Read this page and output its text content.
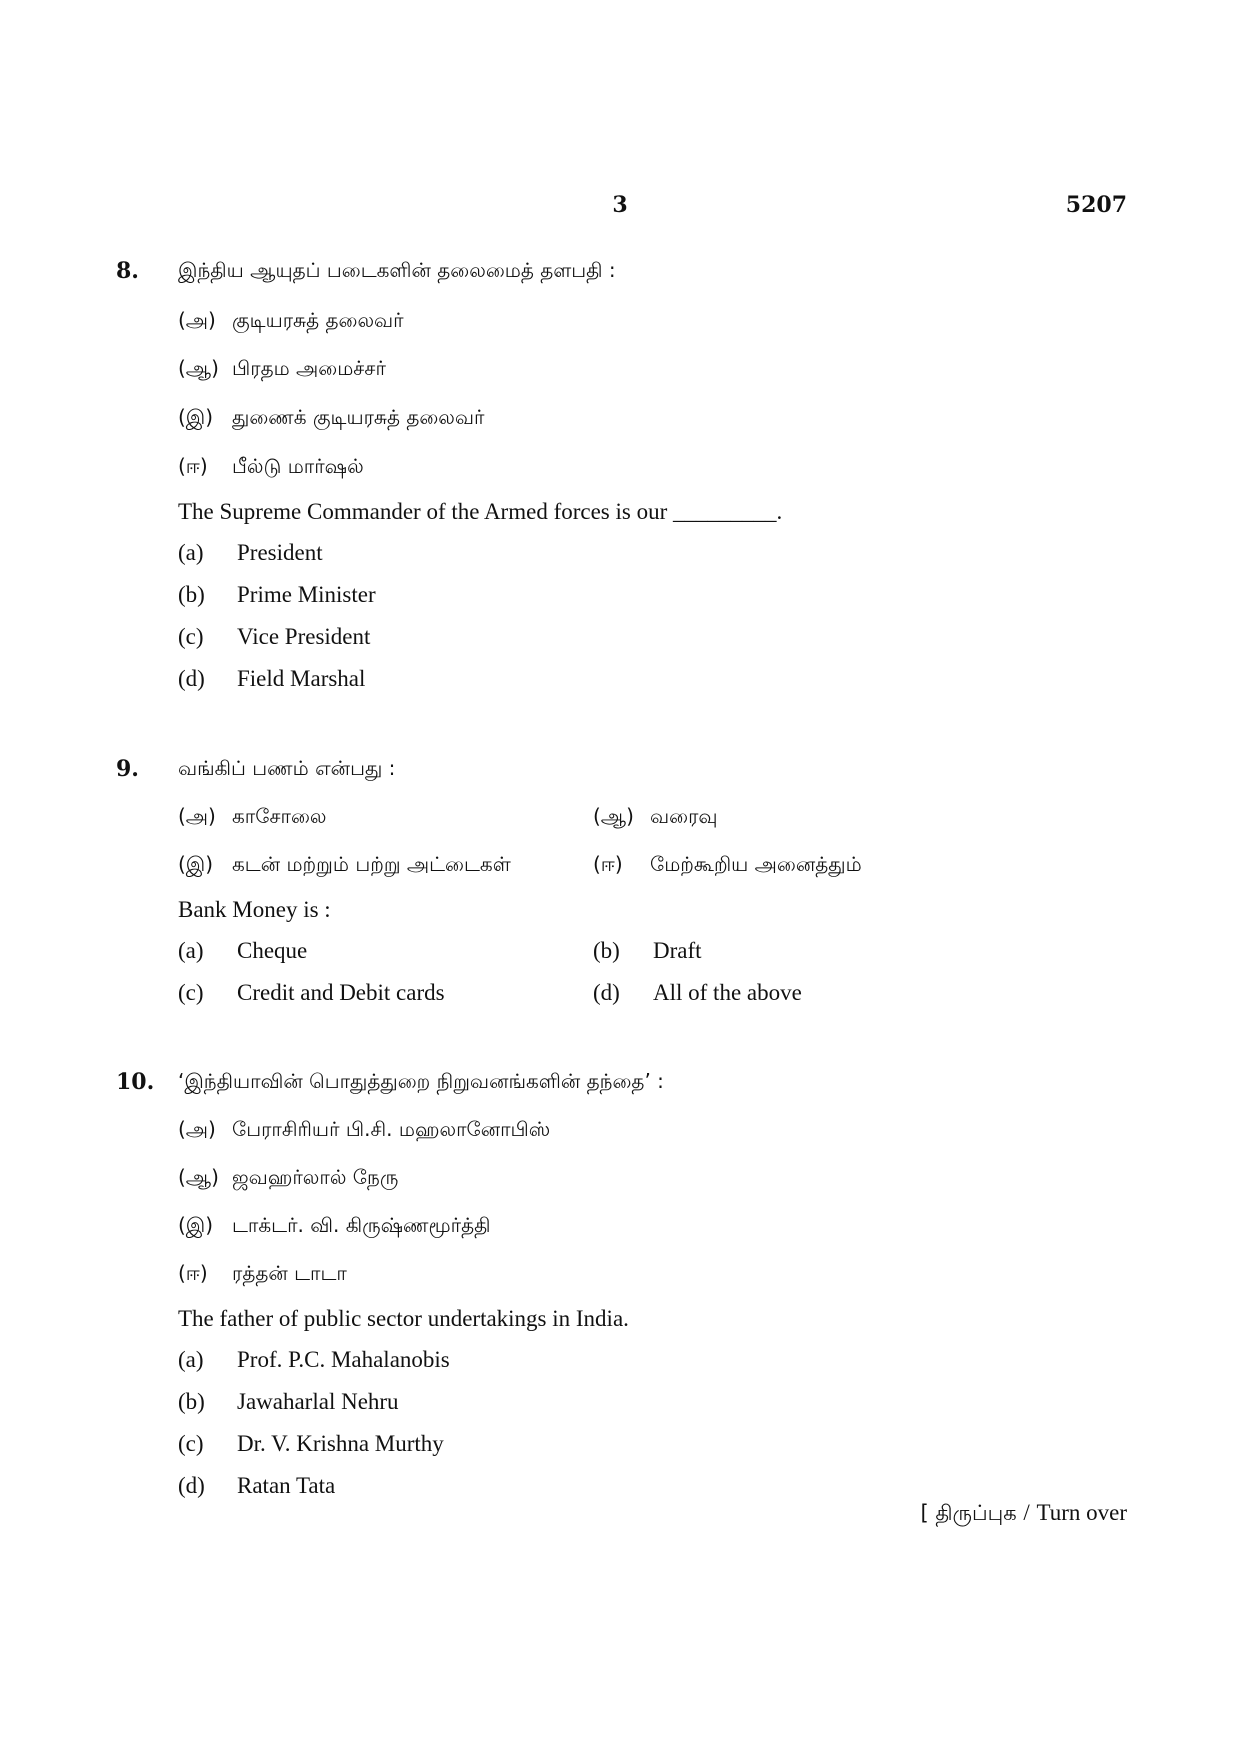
3	5207
8. இந்திய ஆயுதப் படைகளின் தலைமைத் தளபதி :
(அ) குடியரசுத் தலைவர்
(ஆ) பிரதம அமைச்சர்
(இ) துணைக் குடியரசுத் தலைவர்
(ஈ) பீல்டு மார்ஷல்
The Supreme Commander of the Armed forces is our _________.
(a) President
(b) Prime Minister
(c) Vice President
(d) Field Marshal
9. வங்கிப் பணம் என்பது :
(அ) காசோலை	(ஆ) வரைவு
(இ) கடன் மற்றும் பற்று அட்டைகள்	(ஈ) மேற்கூறிய அனைத்தும்
Bank Money is :
(a) Cheque	(b) Draft
(c) Credit and Debit cards	(d) All of the above
10. ‘இந்தியாவின் பொதுத்துறை நிறுவனங்களின் தந்தை’ :
(அ) பேராசிரியர் பி.சி. மஹலானோபிஸ்
(ஆ) ஜவஹர்லால் நேரு
(இ) டாக்டர். வி. கிருஷ்ணமூர்த்தி
(ஈ) ரத்தன் டாடா
The father of public sector undertakings in India.
(a) Prof. P.C. Mahalanobis
(b) Jawaharlal Nehru
(c) Dr. V. Krishna Murthy
(d) Ratan Tata
[ திருப்புக / Turn over
